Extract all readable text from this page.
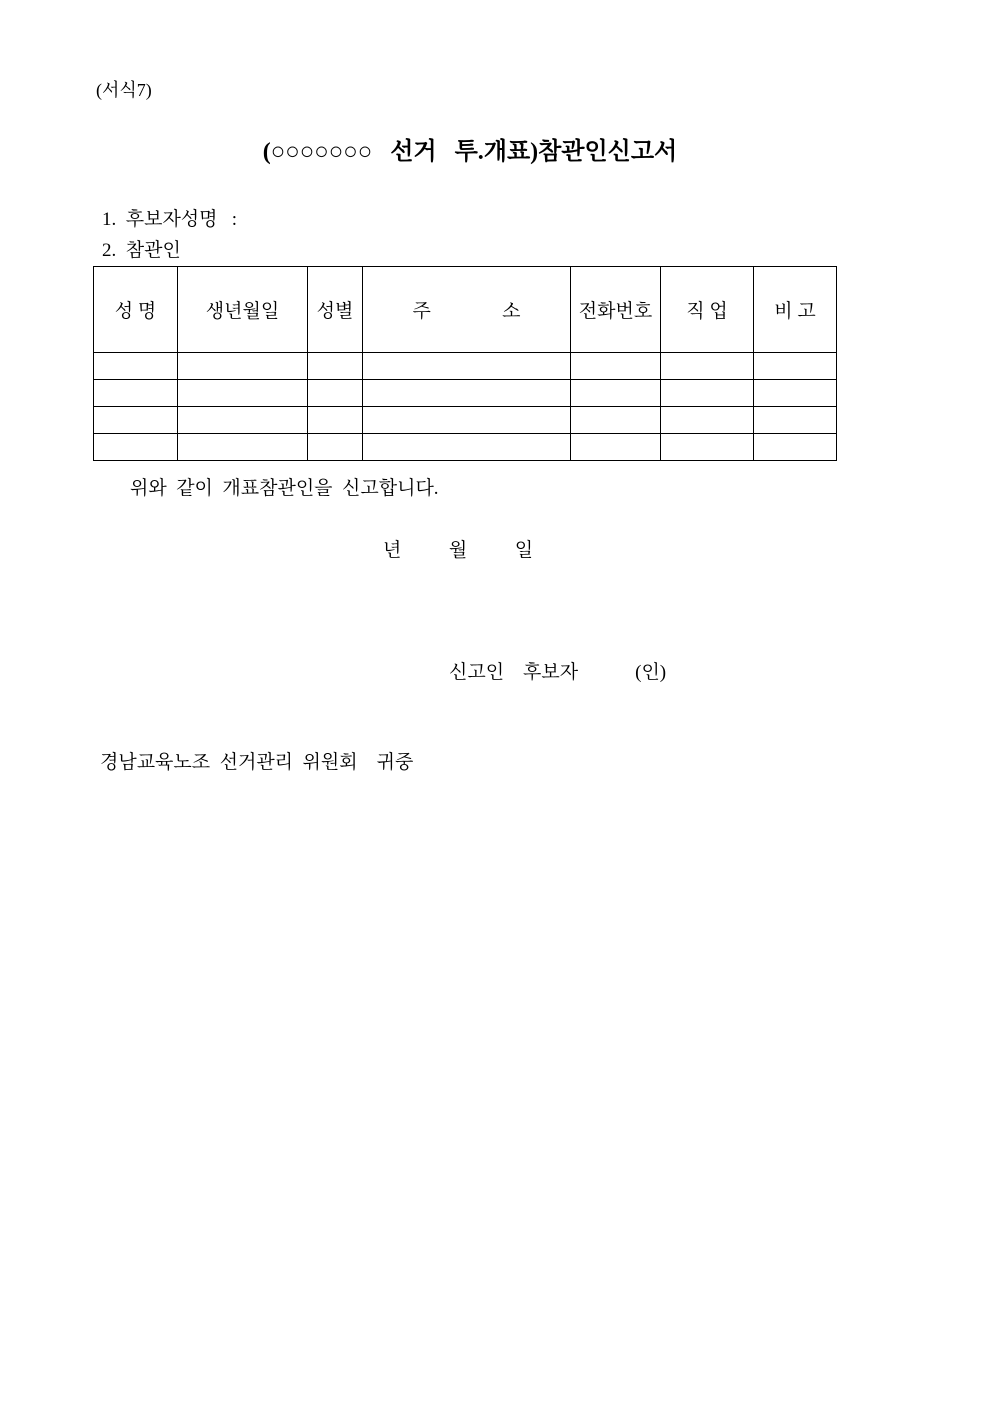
(서식7)
(○○○○○○○   선거   투.개표)참관인신고서
1.  후보자성명   :
2.  참관인
성 명	생년월일	성별	주               소	전화번호	직 업	비 고

위와  같이  개표참관인을  신고합니다.
년          월          일
신고인    후보자            (인)
경남교육노조  선거관리  위원회    귀중
